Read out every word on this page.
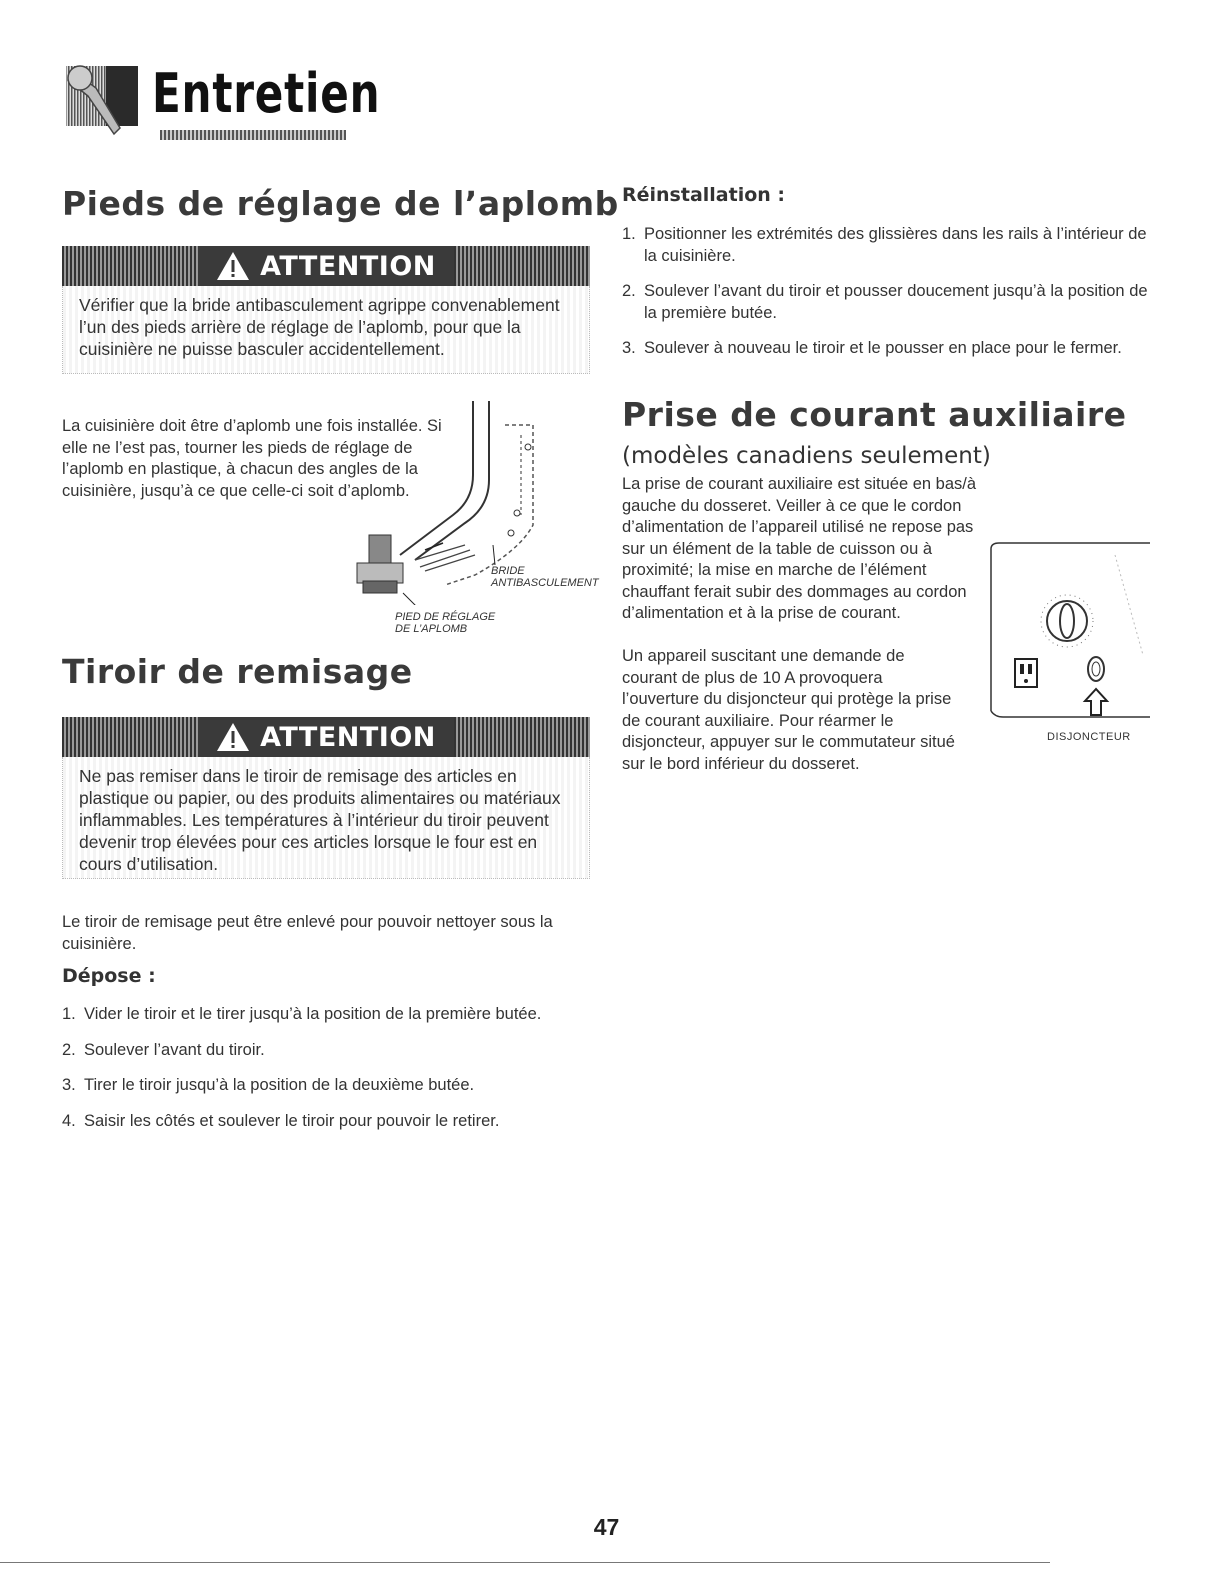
Entretien
Pieds de réglage de l’aplomb
ATTENTION
Vérifier que la bride antibasculement agrippe convenablement l’un des pieds arrière de réglage de l’aplomb, pour que la cuisinière ne puisse basculer accidentellement.
La cuisinière doit être d’aplomb une fois installée. Si elle ne l’est pas, tourner les pieds de réglage de l’aplomb en plastique, à chacun des angles de la cuisinière, jusqu’à ce que celle-ci soit d’aplomb.
BRIDE
ANTIBASCULEMENT
PIED DE RÉGLAGE
DE L’APLOMB
Tiroir de remisage
ATTENTION
Ne pas remiser dans le tiroir de remisage des articles en plastique ou papier, ou des produits alimentaires ou matériaux inflammables. Les températures à l’intérieur du tiroir peuvent devenir trop élevées pour ces articles lorsque le four est en cours d’utilisation.
Le tiroir de remisage peut être enlevé pour pouvoir nettoyer sous la cuisinière.
Dépose :
1. Vider le tiroir et le tirer jusqu’à la position de la première butée.
2. Soulever l’avant du tiroir.
3. Tirer le tiroir jusqu’à la position de la deuxième butée.
4. Saisir les côtés et soulever le tiroir pour pouvoir le retirer.
Réinstallation :
1. Positionner les extrémités des glissières dans les rails à l’intérieur de la cuisinière.
2. Soulever l’avant du tiroir et pousser doucement jusqu’à la position de la première butée.
3. Soulever à nouveau le tiroir et le pousser en place pour le fermer.
Prise de courant auxiliaire
(modèles canadiens seulement)
La prise de courant auxiliaire est située en bas/à gauche du dosseret. Veiller à ce que le cordon d’alimentation de l’appareil utilisé ne repose pas sur un élément de la table de cuisson ou à proximité; la mise en marche de l’élément chauffant ferait subir des dommages au cordon d’alimentation et à la prise de courant.
Un appareil suscitant une demande de courant de plus de 10 A provoquera l’ouverture du disjoncteur qui protège la prise de courant auxiliaire. Pour réarmer le disjoncteur, appuyer sur le commutateur situé sur le bord inférieur du dosseret.
DISJONCTEUR
47
